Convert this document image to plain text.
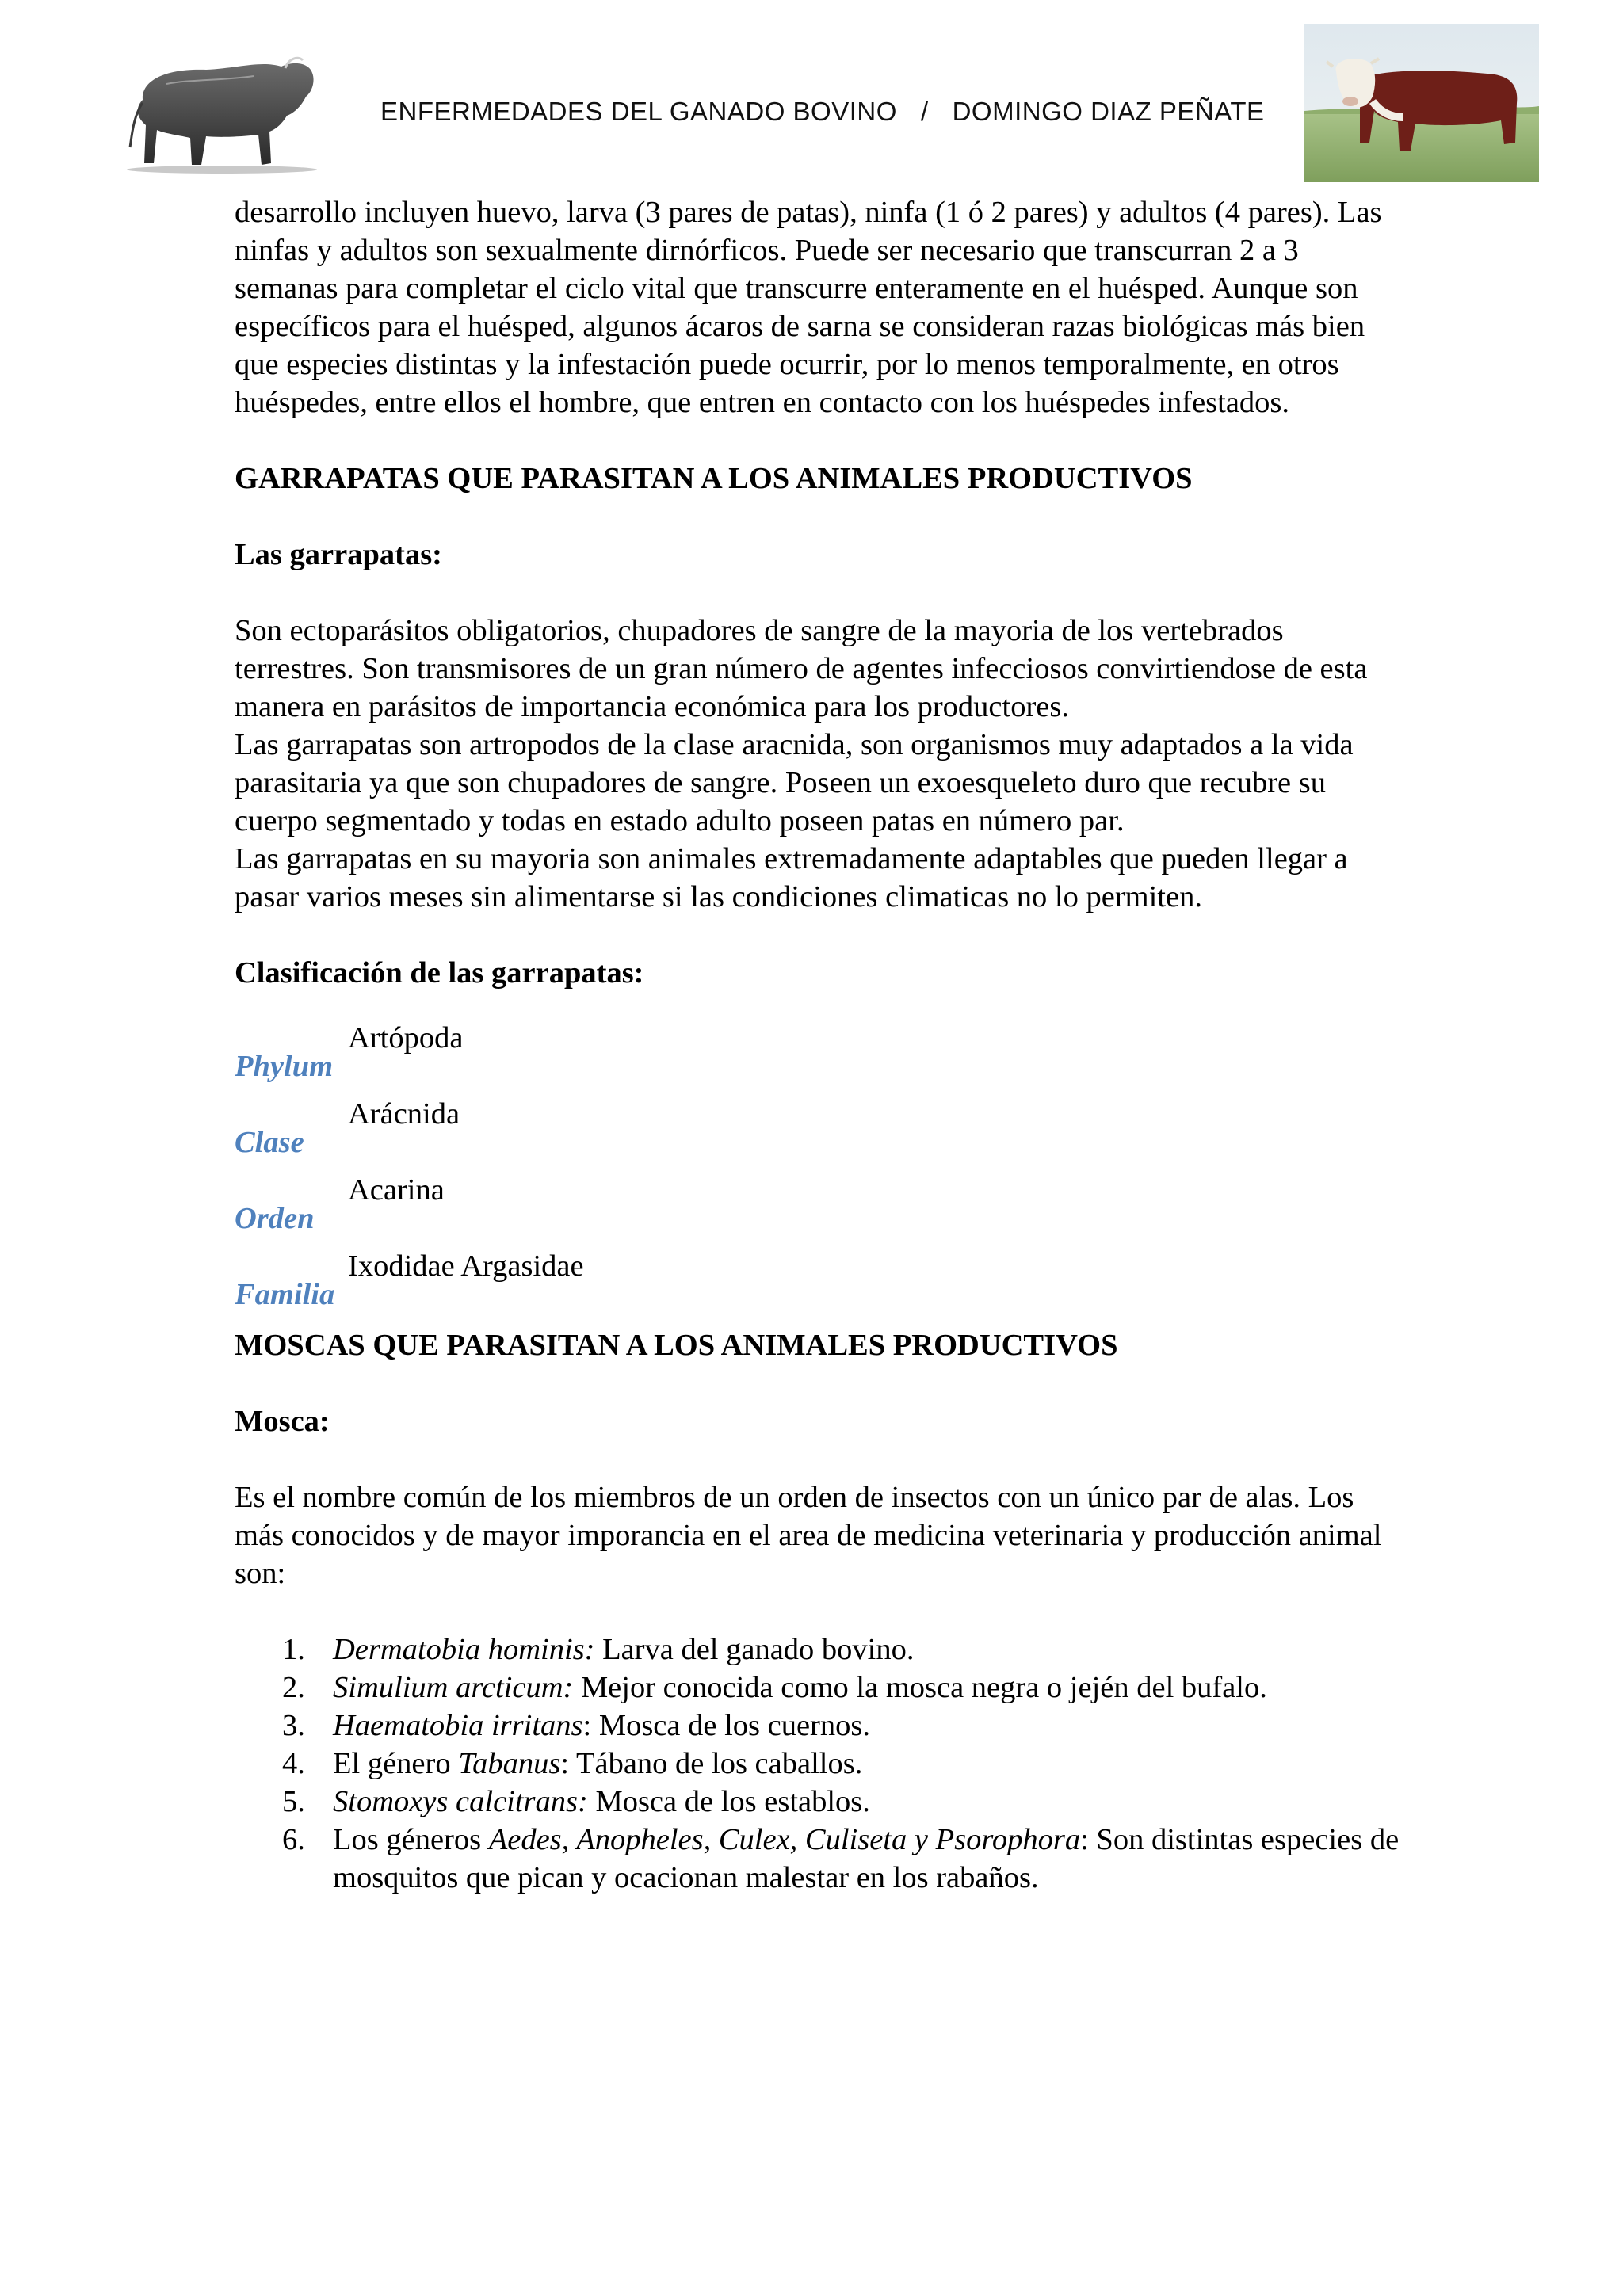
ENFERMEDADES DEL GANADO BOVINO / DOMINGO DIAZ PEÑATE

desarrollo incluyen huevo, larva (3 pares de patas), ninfa (1 ó 2 pares) y adultos (4 pares). Las ninfas y adultos son sexualmente dirnórficos. Puede ser necesario que transcurran 2 a 3 semanas para completar el ciclo vital que transcurre enteramente en el huésped. Aunque son específicos para el huésped, algunos ácaros de sarna se consideran razas biológicas más bien que especies distintas y la infestación puede ocurrir, por lo menos temporalmente, en otros huéspedes, entre ellos el hombre, que entren en contacto con los huéspedes infestados.

GARRAPATAS QUE PARASITAN A LOS ANIMALES PRODUCTIVOS

Las garrapatas:

Son ectoparásitos obligatorios, chupadores de sangre de la mayoria de los vertebrados terrestres. Son transmisores de un gran número de agentes infecciosos convirtiendose de esta manera en parásitos de importancia económica para los productores.

Las garrapatas son artropodos de la clase aracnida, son organismos muy adaptados a la vida parasitaria ya que son chupadores de sangre. Poseen un exoesqueleto duro que recubre su cuerpo segmentado y todas en estado adulto poseen patas en número par.

Las garrapatas en su mayoria son animales extremadamente adaptables que pueden llegar a pasar varios meses sin alimentarse si las condiciones climaticas no lo permiten.

Clasificación de las garrapatas:

Artópoda
Phylum
Arácnida
Clase
Acarina
Orden
Ixodidae Argasidae
Familia

MOSCAS QUE PARASITAN A LOS ANIMALES PRODUCTIVOS

Mosca:

Es el nombre común de los miembros de un orden de insectos con un único par de alas. Los más conocidos y de mayor imporancia en el area de medicina veterinaria y producción animal son:

1. Dermatobia hominis: Larva del ganado bovino.
2. Simulium arcticum: Mejor conocida como la mosca negra o jején del bufalo.
3. Haematobia irritans: Mosca de los cuernos.
4. El género Tabanus: Tábano de los caballos.
5. Stomoxys calcitrans: Mosca de los establos.
6. Los géneros Aedes, Anopheles, Culex, Culiseta y Psorophora: Son distintas especies de mosquitos que pican y ocacionan malestar en los rabaños.
